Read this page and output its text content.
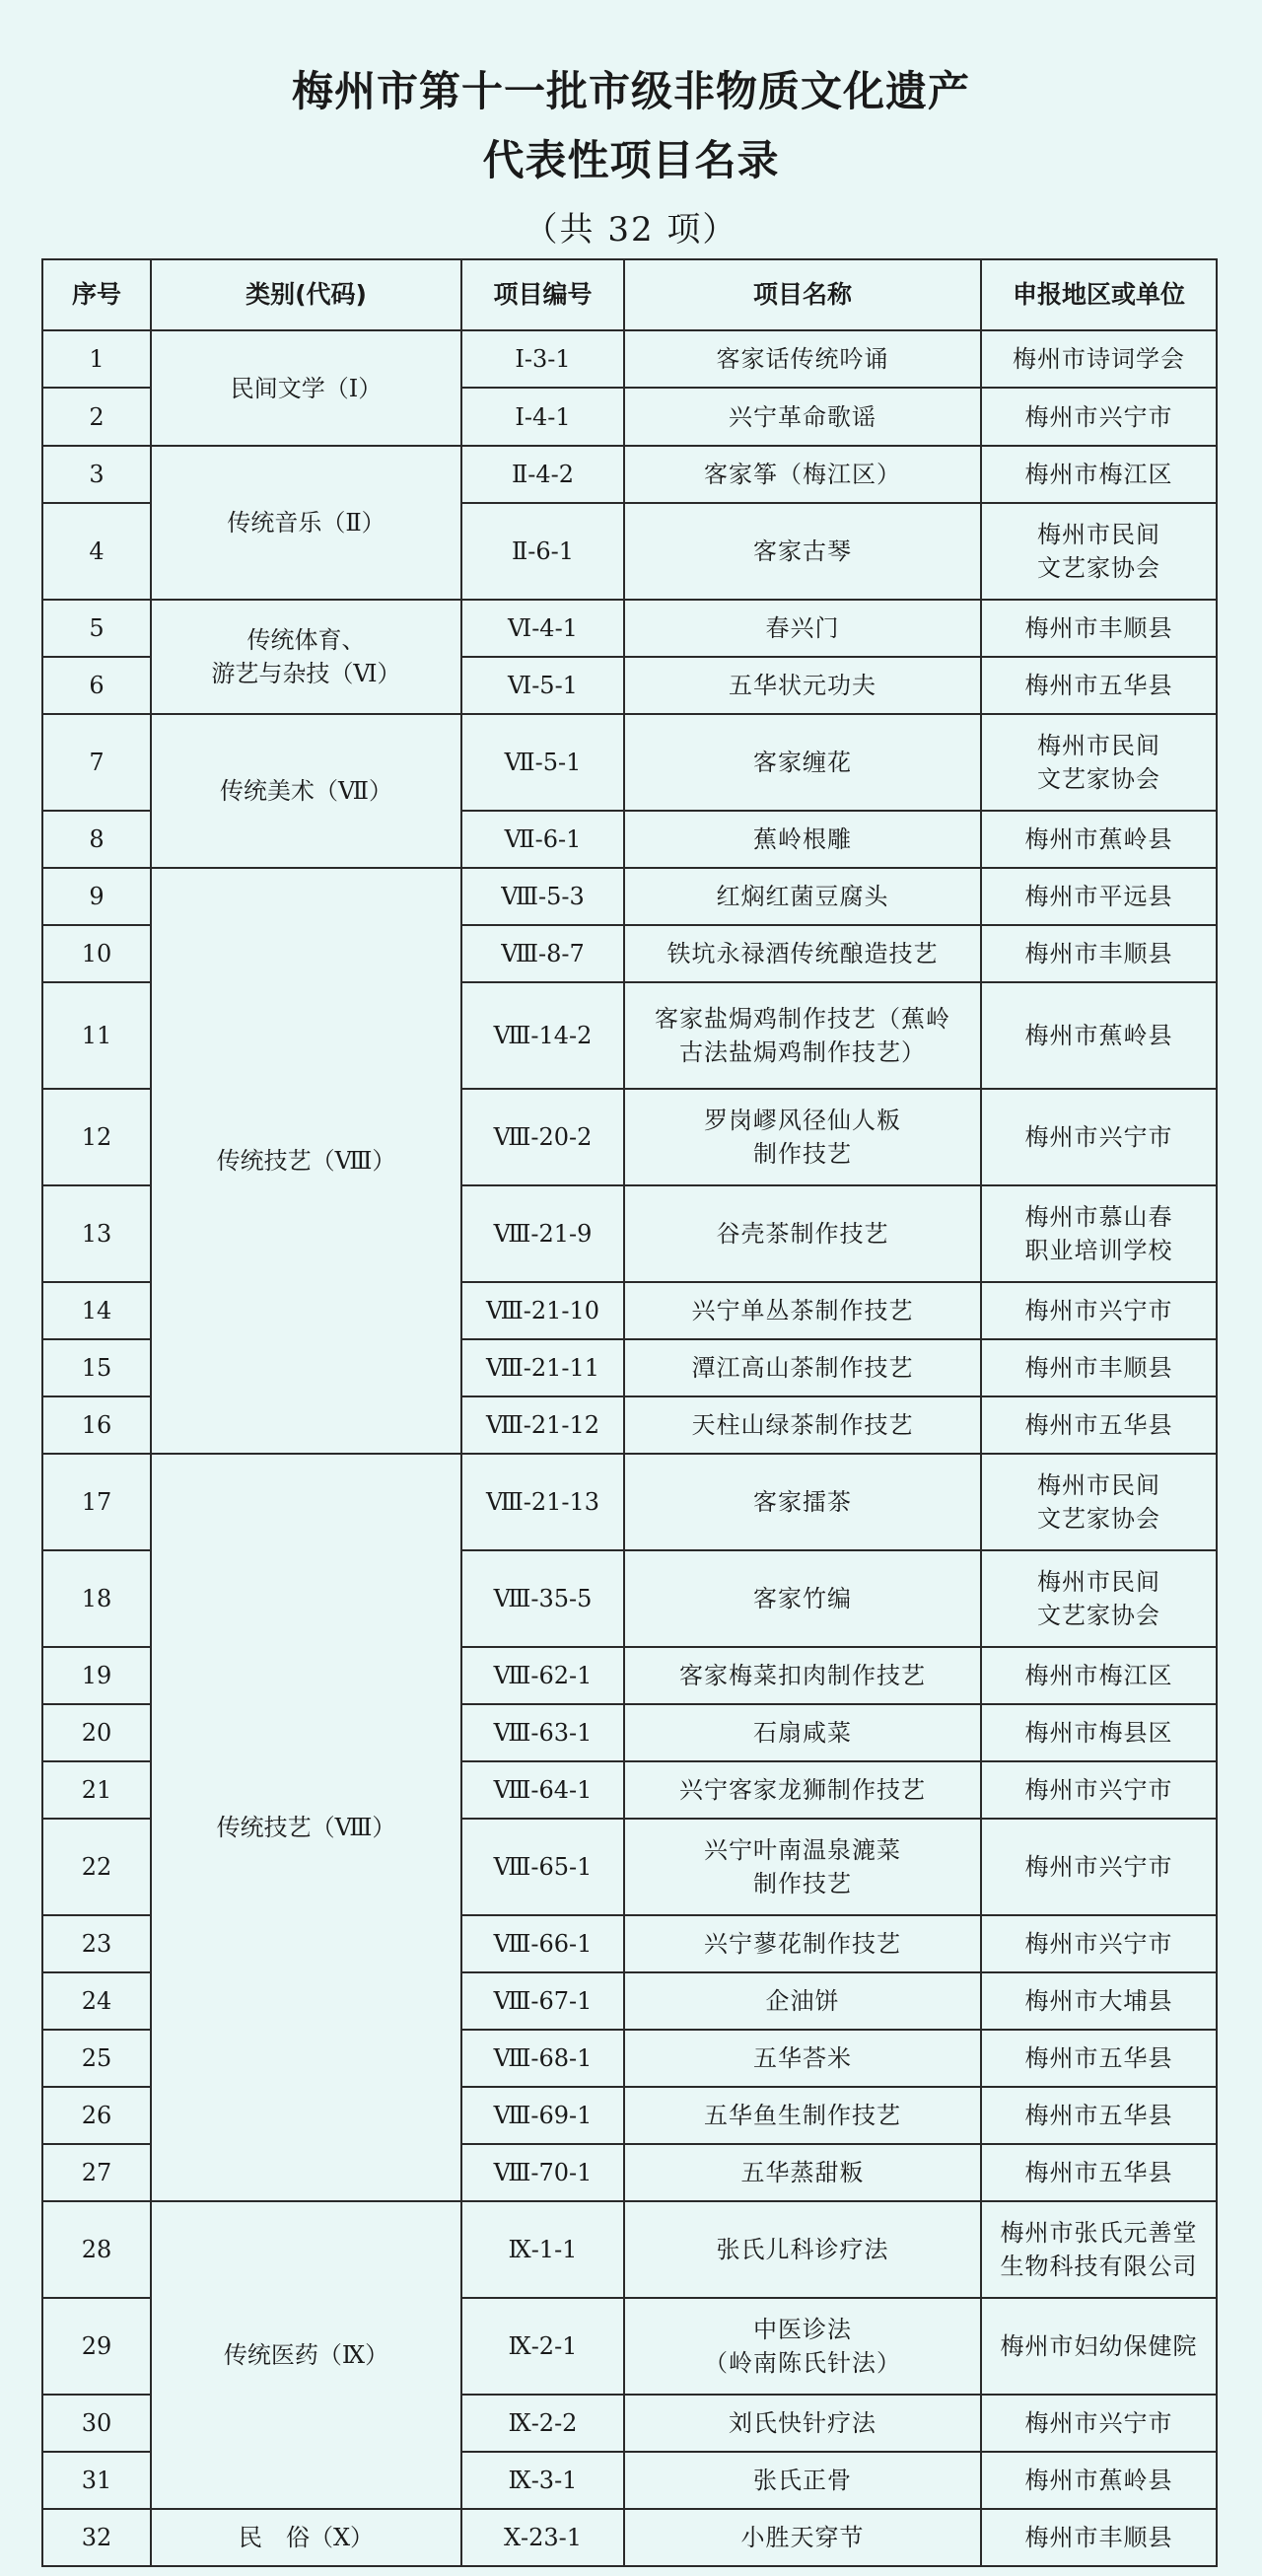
梅州市第十一批市级非物质文化遗产
代表性项目名录
（共 32 项）
序号	类别(代码)	项目编号	项目名称	申报地区或单位
1	民间文学（Ⅰ）	Ⅰ-3-1	客家话传统吟诵	梅州市诗词学会
2		Ⅰ-4-1	兴宁革命歌谣	梅州市兴宁市
3	传统音乐（Ⅱ）	Ⅱ-4-2	客家筝（梅江区）	梅州市梅江区
4		Ⅱ-6-1	客家古琴	梅州市民间
文艺家协会
5	传统体育、
游艺与杂技（Ⅵ）	Ⅵ-4-1	春兴门	梅州市丰顺县
6		Ⅵ-5-1	五华状元功夫	梅州市五华县
7	传统美术（Ⅶ）	Ⅶ-5-1	客家缠花	梅州市民间
文艺家协会
8		Ⅶ-6-1	蕉岭根雕	梅州市蕉岭县
9	传统技艺（Ⅷ）	Ⅷ-5-3	红焖红菌豆腐头	梅州市平远县
10		Ⅷ-8-7	铁坑永禄酒传统酿造技艺	梅州市丰顺县
11		Ⅷ-14-2	客家盐焗鸡制作技艺（蕉岭
古法盐焗鸡制作技艺）	梅州市蕉岭县
12		Ⅷ-20-2	罗岗嵺风径仙人粄
制作技艺	梅州市兴宁市
13		Ⅷ-21-9	谷壳茶制作技艺	梅州市慕山春
职业培训学校
14		Ⅷ-21-10	兴宁单丛茶制作技艺	梅州市兴宁市
15		Ⅷ-21-11	潭江高山茶制作技艺	梅州市丰顺县
16		Ⅷ-21-12	天柱山绿茶制作技艺	梅州市五华县
17	传统技艺（Ⅷ）	Ⅷ-21-13	客家擂茶	梅州市民间
文艺家协会
18		Ⅷ-35-5	客家竹编	梅州市民间
文艺家协会
19		Ⅷ-62-1	客家梅菜扣肉制作技艺	梅州市梅江区
20		Ⅷ-63-1	石扇咸菜	梅州市梅县区
21		Ⅷ-64-1	兴宁客家龙狮制作技艺	梅州市兴宁市
22		Ⅷ-65-1	兴宁叶南温泉漉菜
制作技艺	梅州市兴宁市
23		Ⅷ-66-1	兴宁蓼花制作技艺	梅州市兴宁市
24		Ⅷ-67-1	企油饼	梅州市大埔县
25		Ⅷ-68-1	五华荅米	梅州市五华县
26		Ⅷ-69-1	五华鱼生制作技艺	梅州市五华县
27		Ⅷ-70-1	五华蒸甜粄	梅州市五华县
28	传统医药（Ⅸ）	Ⅸ-1-1	张氏儿科诊疗法	梅州市张氏元善堂
生物科技有限公司
29		Ⅸ-2-1	中医诊法
（岭南陈氏针法）	梅州市妇幼保健院
30		Ⅸ-2-2	刘氏快针疗法	梅州市兴宁市
31		Ⅸ-3-1	张氏正骨	梅州市蕉岭县
32	民　俗（Ⅹ）	Ⅹ-23-1	小胜天穿节	梅州市丰顺县
